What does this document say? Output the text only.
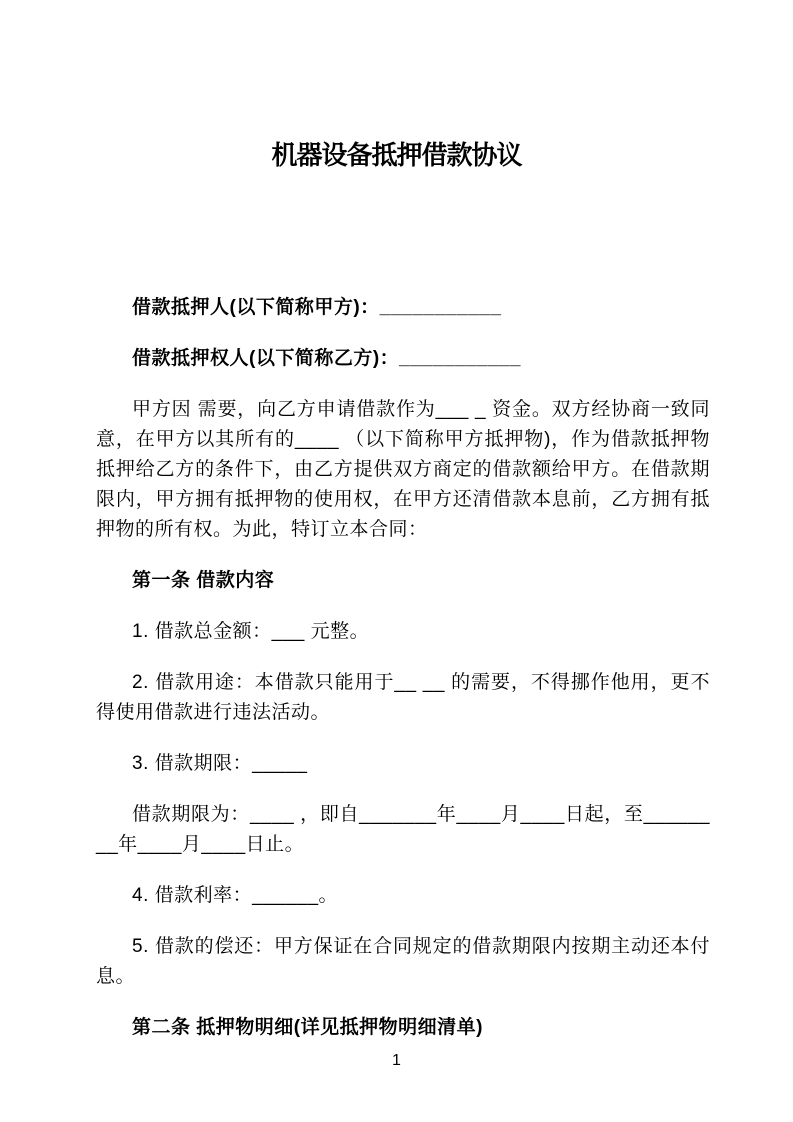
机器设备抵押借款协议

借款抵押人(以下简称甲方)：___________

借款抵押权人(以下简称乙方)：___________

甲方因 需要，向乙方申请借款作为___ _ 资金。双方经协商一致同意，在甲方以其所有的____ （以下简称甲方抵押物)，作为借款抵押物抵押给乙方的条件下，由乙方提供双方商定的借款额给甲方。在借款期限内，甲方拥有抵押物的使用权，在甲方还清借款本息前，乙方拥有抵押物的所有权。为此，特订立本合同：

第一条 借款内容

1. 借款总金额：___ 元整。

2. 借款用途：本借款只能用于__ __ 的需要，不得挪作他用，更不得使用借款进行违法活动。

3. 借款期限：_____

借款期限为：____ ，即自_______年____月____日起，至________年____月____日止。

4. 借款利率：______。

5. 借款的偿还：甲方保证在合同规定的借款期限内按期主动还本付息。

第二条 抵押物明细(详见抵押物明细清单)

1
